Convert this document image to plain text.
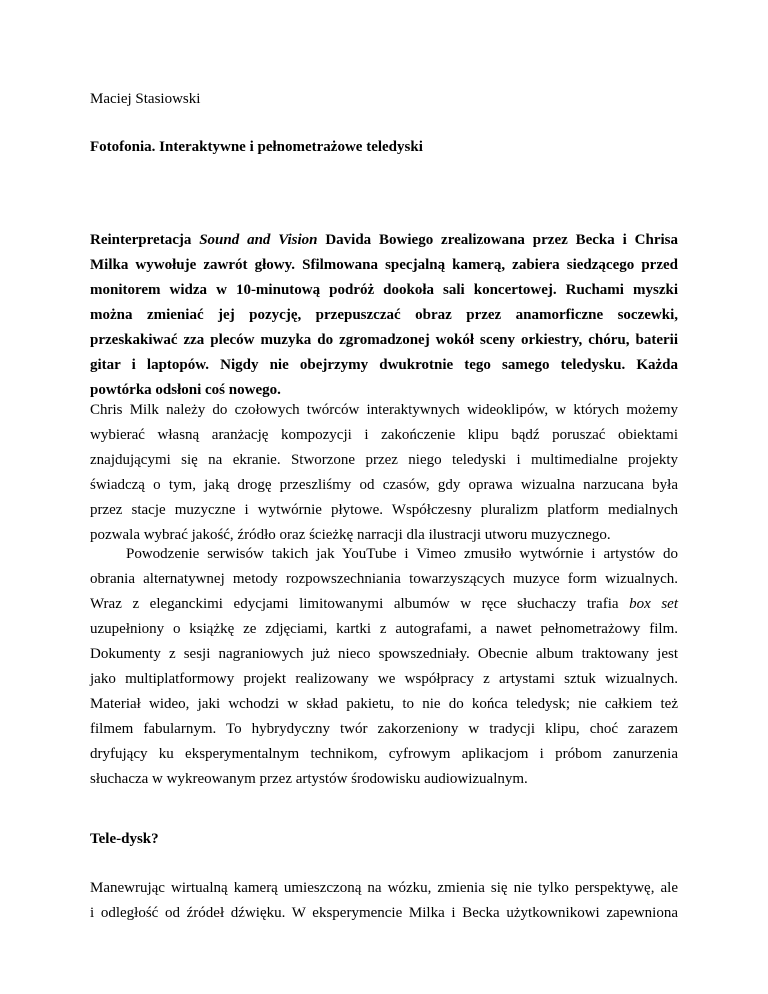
Maciej Stasiowski
Fotofonia. Interaktywne i pełnometrażowe teledyski
Reinterpretacja Sound and Vision Davida Bowiego zrealizowana przez Becka i Chrisa
Milka wywołuje zawrót głowy. Sfilmowana specjalną kamerą, zabiera siedzącego przed
monitorem widza w 10-minutową podróż dookoła sali koncertowej. Ruchami myszki
można zmieniać jej pozycję, przepuszczać obraz przez anamorficzne soczewki,
przeskakiwać zza pleców muzyka do zgromadzonej wokół sceny orkiestry, chóru, baterii
gitar i laptopów. Nigdy nie obejrzymy dwukrotnie tego samego teledysku. Każda
powtórka odsłoni coś nowego.
Chris Milk należy do czołowych twórców interaktywnych wideoklipów, w których możemy
wybierać własną aranżację kompozycji i zakończenie klipu bądź poruszać obiektami
znajdującymi się na ekranie. Stworzone przez niego teledyski i multimedialne projekty
świadczą o tym, jaką drogę przeszliśmy od czasów, gdy oprawa wizualna narzucana była
przez stacje muzyczne i wytwórnie płytowe. Współczesny pluralizm platform medialnych
pozwala wybrać jakość, źródło oraz ścieżkę narracji dla ilustracji utworu muzycznego.
Powodzenie serwisów takich jak YouTube i Vimeo zmusiło wytwórnie i artystów do
obrania alternatywnej metody rozpowszechniania towarzyszących muzyce form wizualnych.
Wraz z eleganckimi edycjami limitowanymi albumów w ręce słuchaczy trafia box set
uzupełniony o książkę ze zdjęciami, kartki z autografami, a nawet pełnometrażowy film.
Dokumenty z sesji nagraniowych już nieco spowszedniały. Obecnie album traktowany jest
jako multiplatformowy projekt realizowany we współpracy z artystami sztuk wizualnych.
Materiał wideo, jaki wchodzi w skład pakietu, to nie do końca teledysk; nie całkiem też
filmem fabularnym. To hybrydyczny twór zakorzeniony w tradycji klipu, choć zarazem
dryfujący ku eksperymentalnym technikom, cyfrowym aplikacjom i próbom zanurzenia
słuchacza w wykreowanym przez artystów środowisku audiowizualnym.
Tele-dysk?
Manewrując wirtualną kamerą umieszczoną na wózku, zmienia się nie tylko perspektywę, ale
i odległość od źródeł dźwięku. W eksperymencie Milka i Becka użytkownikowi zapewniona
